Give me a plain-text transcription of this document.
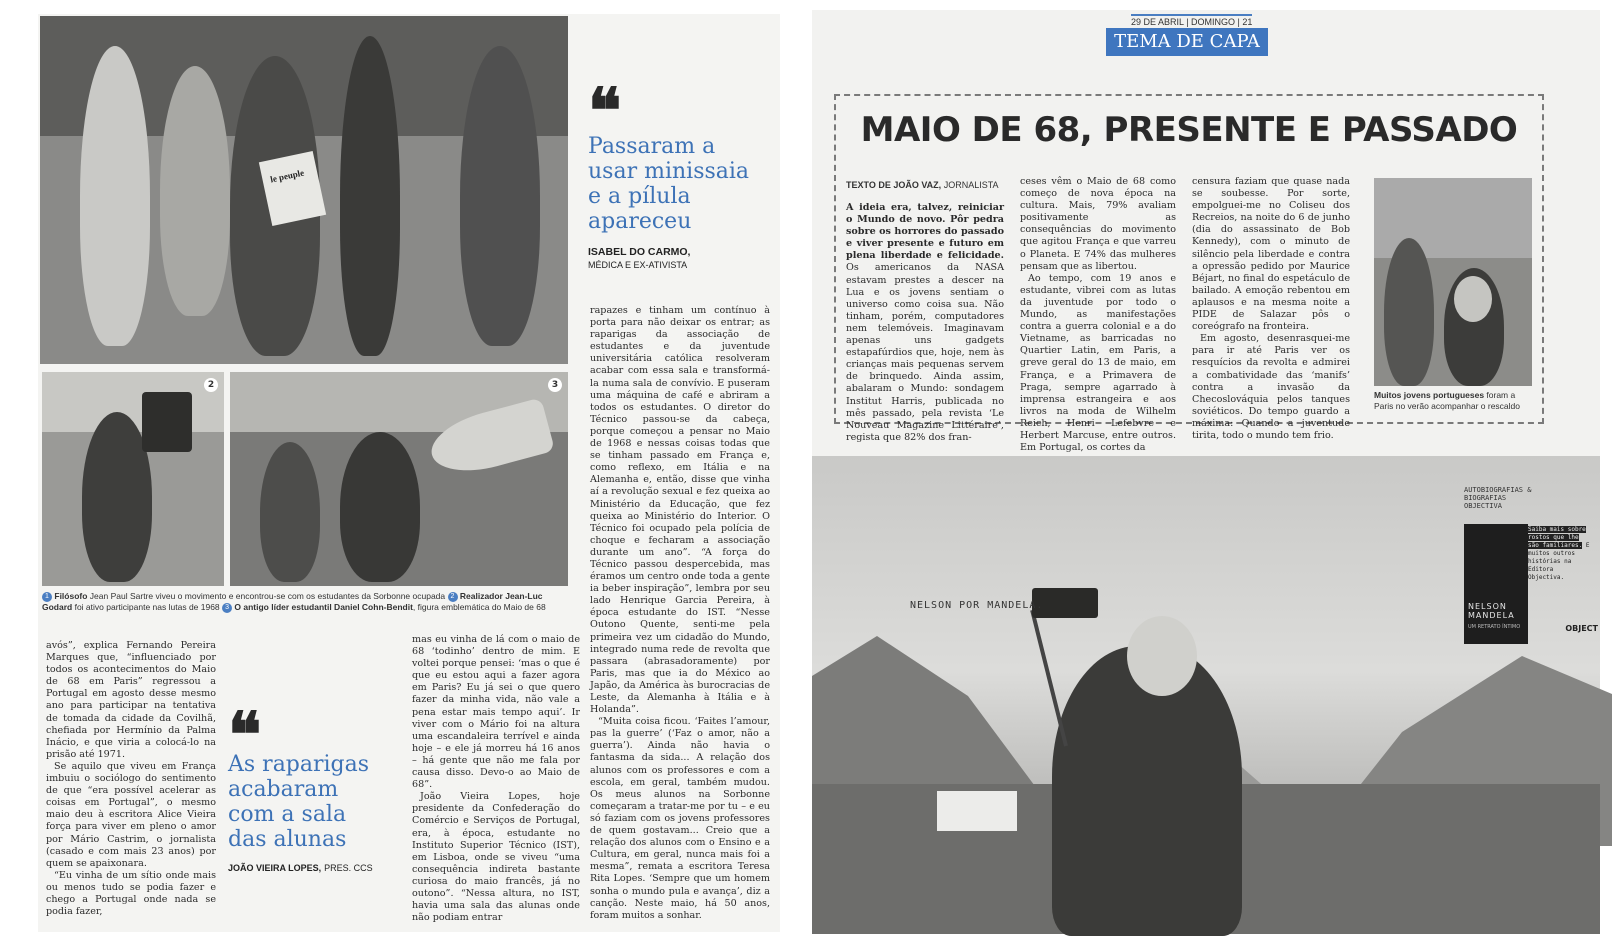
le peuple
2	3
1 Filósofo Jean Paul Sartre viveu o movimento e encontrou-se com os estudantes da Sorbonne ocupada 2 Realizador Jean-Luc Godard foi ativo participante nas lutas de 1968 3 O antigo líder estudantil Daniel Cohn-Bendit, figura emblemática do Maio de 68
❝
Passaram a usar minissaia e a pílula apareceu
ISABEL DO CARMO,
MÉDICA E EX-ATIVISTA

rapazes e tinham um contínuo à porta para não deixar os entrar; as raparigas da associação de estudantes e da juventude universitária católica resolveram acabar com essa sala e transformá-la numa sala de convívio. E puseram uma máquina de café e abriram a todos os estudantes. O diretor do Técnico passou-se da cabeça, porque começou a pensar no Maio de 1968 e nessas coisas todas que se tinham passado em França e, como reflexo, em Itália e na Alemanha e, então, disse que vinha aí a revolução sexual e fez queixa ao Ministério da Educação, que fez queixa ao Ministério do Interior. O Técnico foi ocupado pela polícia de choque e fecharam a associação durante um ano”. “A força do Técnico passou despercebida, mas éramos um centro onde toda a gente ia beber inspiração”, lembra por seu lado Henrique Garcia Pereira, à época estudante do IST. “Nesse Outono Quente, senti-me pela primeira vez um cidadão do Mundo, integrado numa rede de revolta que passara (abrasadoramente) por Paris, mas que ia do México ao Japão, da América às burocracias de Leste, da Alemanha à Itália e à Holanda”.

“Muita coisa ficou. ‘Faites l’amour, pas la guerre’ (‘Faz o amor, não a guerra’). Ainda não havia o fantasma da sida... A relação dos alunos com os professores e com a escola, em geral, também mudou. Os meus alunos na Sorbonne começaram a tratar-me por tu – e eu só faziam com os jovens professores de quem gostavam... Creio que a relação dos alunos com o Ensino e a Cultura, em geral, nunca mais foi a mesma”, remata a escritora Teresa Rita Lopes. ‘Sempre que um homem sonha o mundo pula e avança’, diz a canção. Neste maio, há 50 anos, foram muitos a sonhar.

avós”, explica Fernando Pereira Marques que, “influenciado por todos os acontecimentos do Maio de 68 em Paris” regressou a Portugal em agosto desse mesmo ano para participar na tentativa de tomada da cidade da Covilhã, chefiada por Hermínio da Palma Inácio, e que viria a colocá-lo na prisão até 1971.

Se aquilo que viveu em França imbuiu o sociólogo do sentimento de que “era possível acelerar as coisas em Portugal”, o mesmo maio deu à escritora Alice Vieira força para viver em pleno o amor por Mário Castrim, o jornalista (casado e com mais 23 anos) por quem se apaixonara.

“Eu vinha de um sítio onde mais ou menos tudo se podia fazer e chego a Portugal onde nada se podia fazer,

❝
As raparigas acabaram com a sala das alunas
JOÃO VIEIRA LOPES, PRES. CCS

mas eu vinha de lá com o maio de 68 ‘todinho’ dentro de mim. E voltei porque pensei: ‘mas o que é que eu estou aqui a fazer agora em Paris? Eu já sei o que quero fazer da minha vida, não vale a pena estar mais tempo aqui’. Ir viver com o Mário foi na altura uma escandaleira terrível e ainda hoje – e ele já morreu há 16 anos – há gente que não me fala por causa disso. Devo-o ao Maio de 68”.

João Vieira Lopes, hoje presidente da Confederação do Comércio e Serviços de Portugal, era, à época, estudante no Instituto Superior Técnico (IST), em Lisboa, onde se viveu “uma consequência indireta bastante curiosa do maio francês, já no outono”. “Nessa altura, no IST, havia uma sala das alunas onde não podiam entrar

29 DE ABRIL | DOMINGO | 21
TEMA DE CAPA
MAIO DE 68, PRESENTE E PASSADO
TEXTO DE JOÃO VAZ, JORNALISTA
A ideia era, talvez, reiniciar o Mundo de novo. Pôr pedra sobre os horrores do passado e viver presente e futuro em plena liberdade e felicidade. Os americanos da NASA estavam prestes a descer na Lua e os jovens sentiam o universo como coisa sua. Não tinham, porém, computadores nem telemóveis. Imaginavam apenas uns gadgets estapafúrdios que, hoje, nem às crianças mais pequenas servem de brinquedo. Ainda assim, abalaram o Mundo: sondagem Institut Harris, publicada no mês passado, pela revista ‘Le Nouveau Magazine Littéraire’, regista que 82% dos fran-

ceses vêm o Maio de 68 como começo de nova época na cultura. Mais, 79% avaliam positivamente as consequências do movimento que agitou França e que varreu o Planeta. E 74% das mulheres pensam que as libertou.

Ao tempo, com 19 anos e estudante, vibrei com as lutas da juventude por todo o Mundo, as manifestações contra a guerra colonial e a do Vietname, as barricadas no Quartier Latin, em Paris, a greve geral do 13 de maio, em França, e a Primavera de Praga, sempre agarrado à imprensa estrangeira e aos livros na moda de Wilhelm Reich, Henri Lefebvre e Herbert Marcuse, entre outros. Em Portugal, os cortes da

censura faziam que quase nada se soubesse. Por sorte, empolguei-me no Coliseu dos Recreios, na noite do 6 de junho (dia do assassinato de Bob Kennedy), com o minuto de silêncio pela liberdade e contra a opressão pedido por Maurice Béjart, no final do espetáculo de bailado. A emoção rebentou em aplausos e na mesma noite a PIDE de Salazar pôs o coreógrafo na fronteira.

Em agosto, desenrasquei-me para ir até Paris ver os resquícios da revolta e admirei a combatividade das ‘manifs’ contra a invasão da Checoslováquia pelos tanques soviéticos. Do tempo guardo a máxima: Quando a juventude tirita, todo o mundo tem frio.

Muitos jovens portugueses foram a Paris no verão acompanhar o rescaldo
NELSON POR MANDELA.
AUTOBIOGRAFIAS & BIOGRAFIAS OBJECTIVA
NELSON MANDELA
UM RETRATO ÍNTIMO
Saiba mais sobre rostos que lhe são familiares. E muitos outros histórias na Editora Objectiva.
OBJECT
